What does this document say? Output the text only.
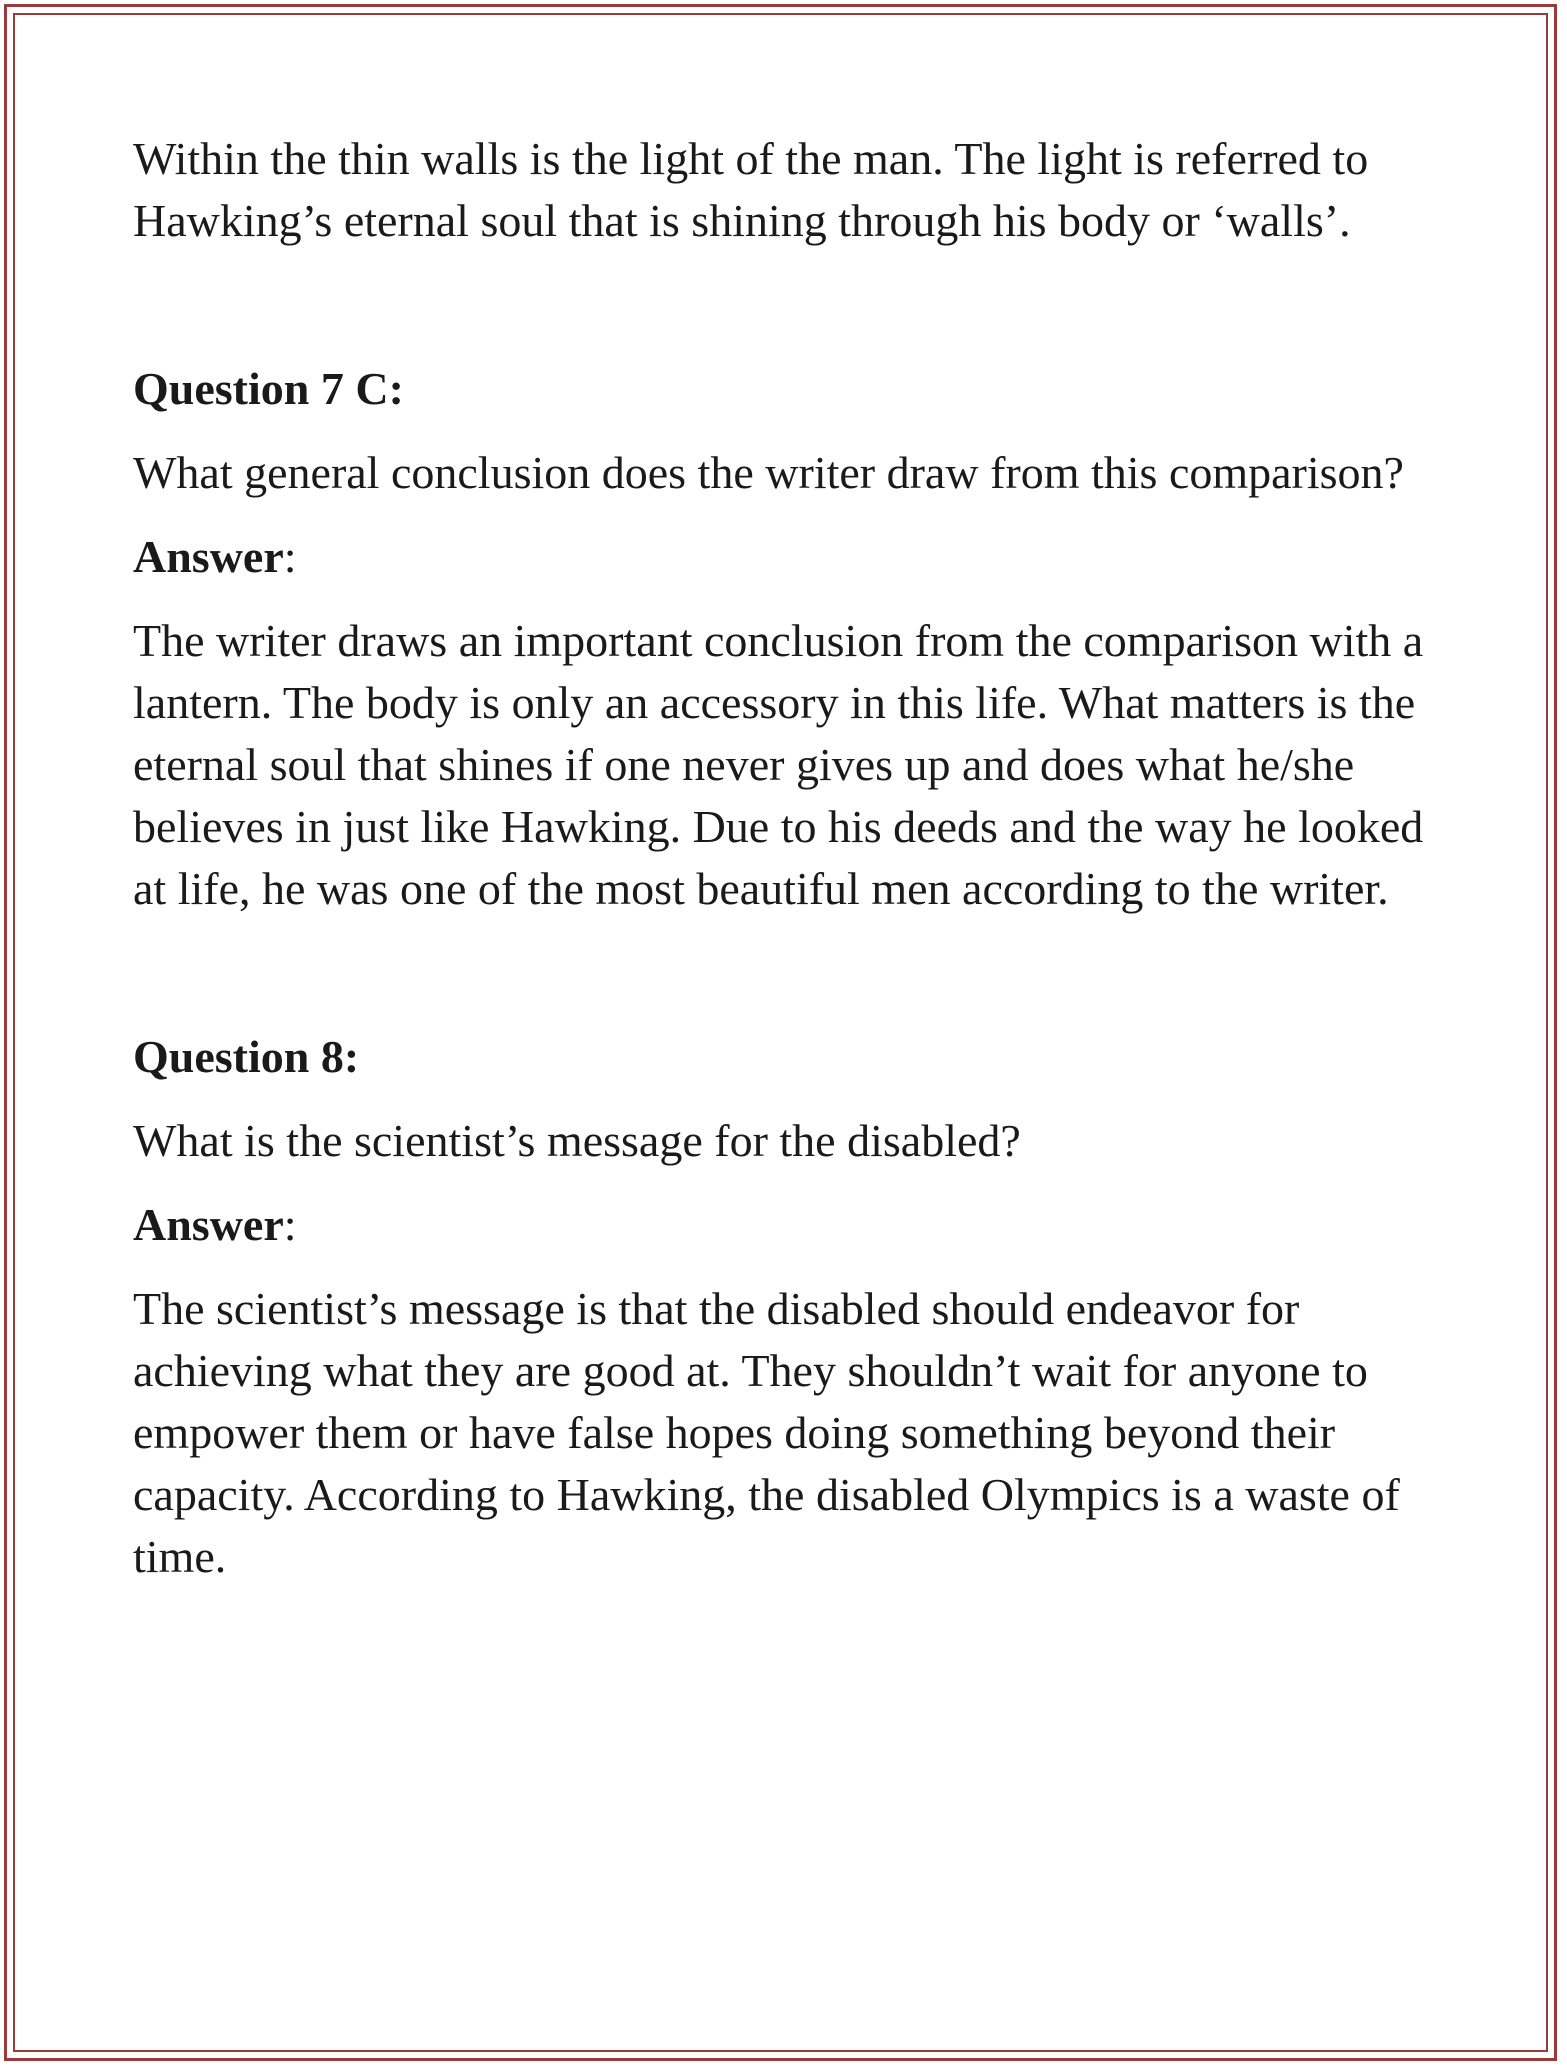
Within the thin walls is the light of the man. The light is referred to Hawking’s eternal soul that is shining through his body or ‘walls’.

Question 7 C:

What general conclusion does the writer draw from this comparison?

Answer:

The writer draws an important conclusion from the comparison with a lantern. The body is only an accessory in this life. What matters is the eternal soul that shines if one never gives up and does what he/she believes in just like Hawking. Due to his deeds and the way he looked at life, he was one of the most beautiful men according to the writer.

Question 8:

What is the scientist’s message for the disabled?

Answer:

The scientist’s message is that the disabled should endeavor for achieving what they are good at. They shouldn’t wait for anyone to empower them or have false hopes doing something beyond their capacity. According to Hawking, the disabled Olympics is a waste of time.
